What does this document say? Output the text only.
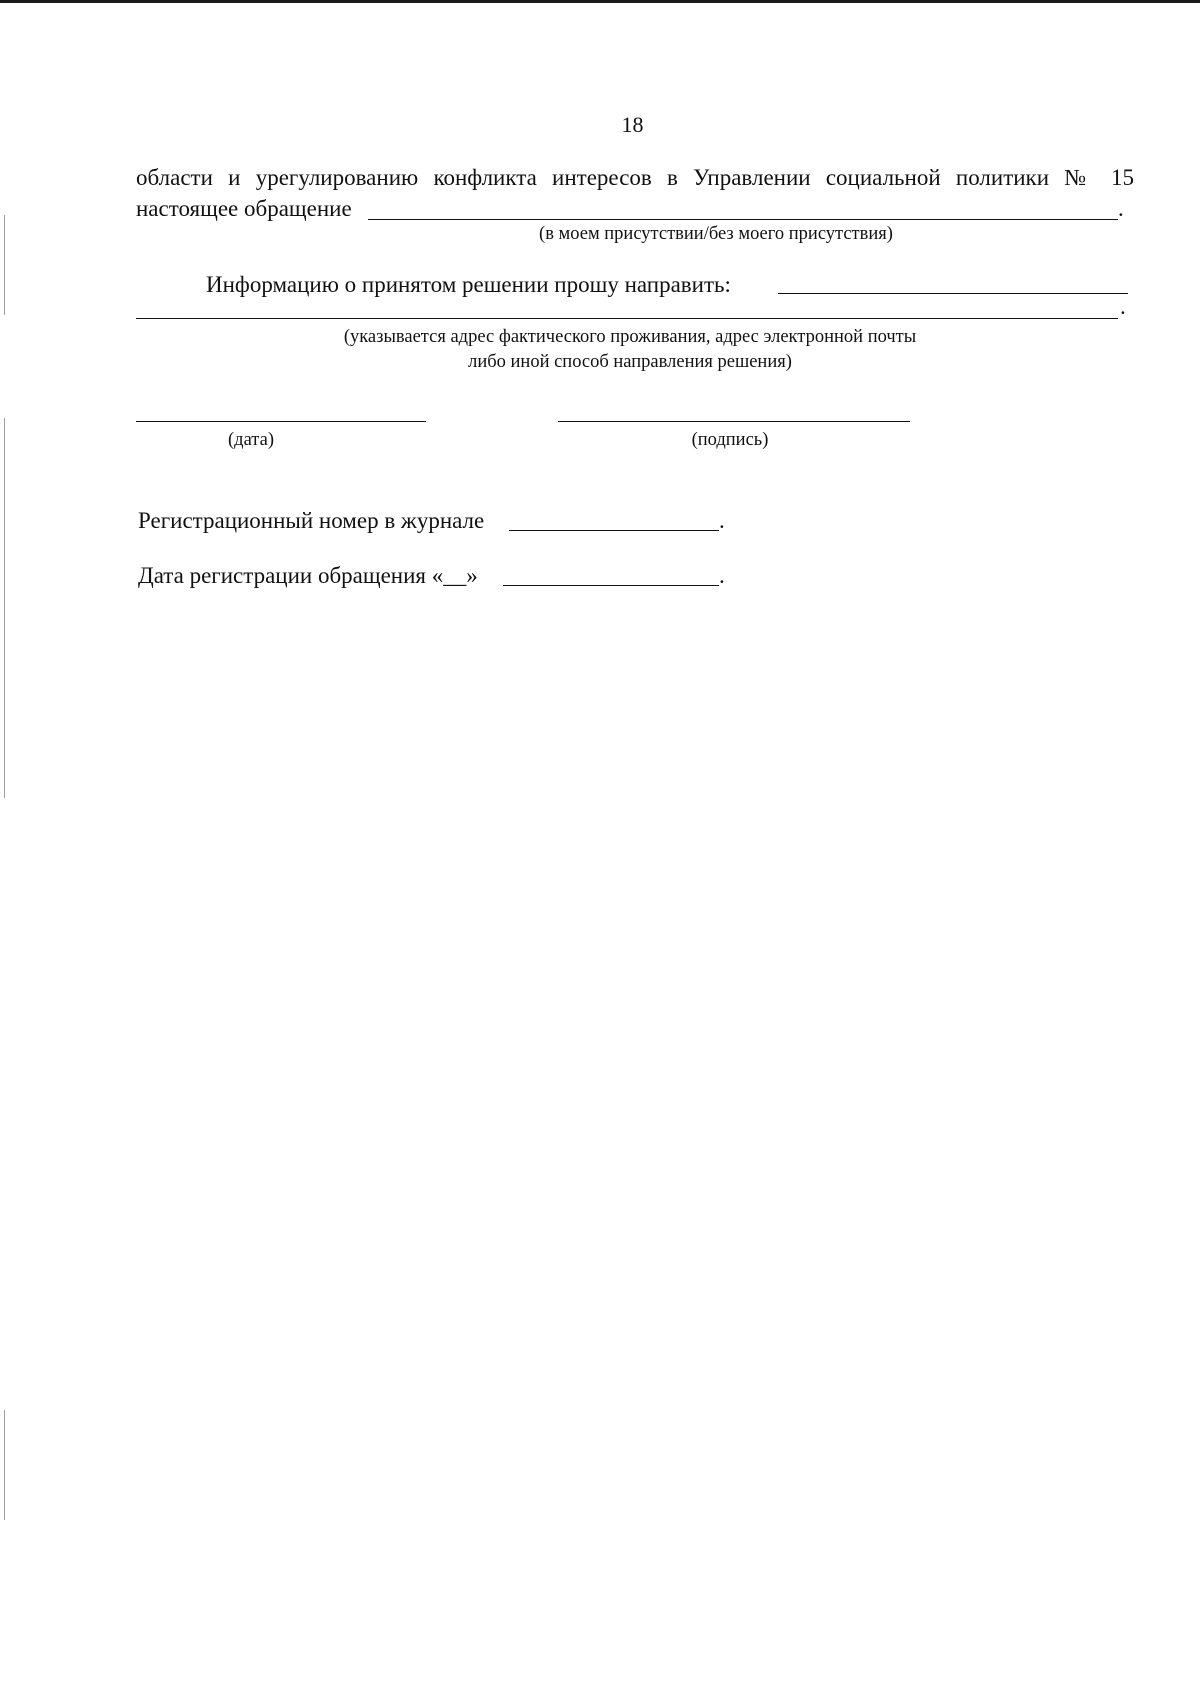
18
области и урегулированию конфликта интересов в Управлении социальной политики № 15
настоящее обращение	.
(в моем присутствии/без моего присутствия)
Информацию о принятом решении прошу направить:
.
(указывается адрес фактического проживания, адрес электронной почты
либо иной способ направления решения)
(дата)	(подпись)
Регистрационный номер в журнале	.
Дата регистрации обращения «__»	.
